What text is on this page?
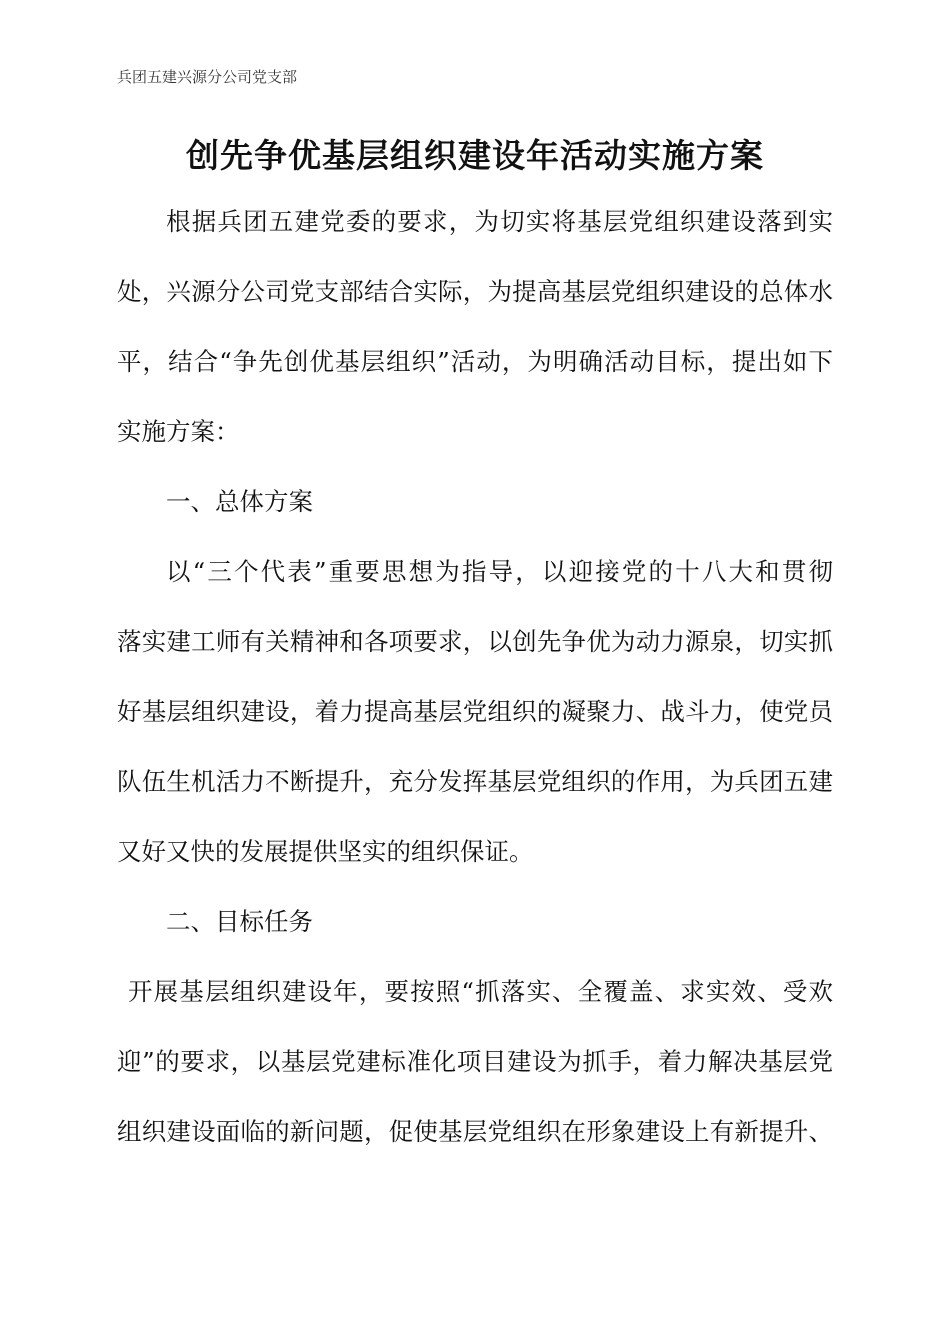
兵团五建兴源分公司党支部
创先争优基层组织建设年活动实施方案
根据兵团五建党委的要求，为切实将基层党组织建设落到实
处，兴源分公司党支部结合实际，为提高基层党组织建设的总体水
平，结合“争先创优基层组织”活动，为明确活动目标，提出如下
实施方案：
一、总体方案
以“三个代表”重要思想为指导，以迎接党的十八大和贯彻
落实建工师有关精神和各项要求，以创先争优为动力源泉，切实抓
好基层组织建设，着力提高基层党组织的凝聚力、战斗力，使党员
队伍生机活力不断提升，充分发挥基层党组织的作用，为兵团五建
又好又快的发展提供坚实的组织保证。
二、目标任务
开展基层组织建设年，要按照“抓落实、全覆盖、求实效、受欢
迎”的要求，以基层党建标准化项目建设为抓手，着力解决基层党
组织建设面临的新问题，促使基层党组织在形象建设上有新提升、
